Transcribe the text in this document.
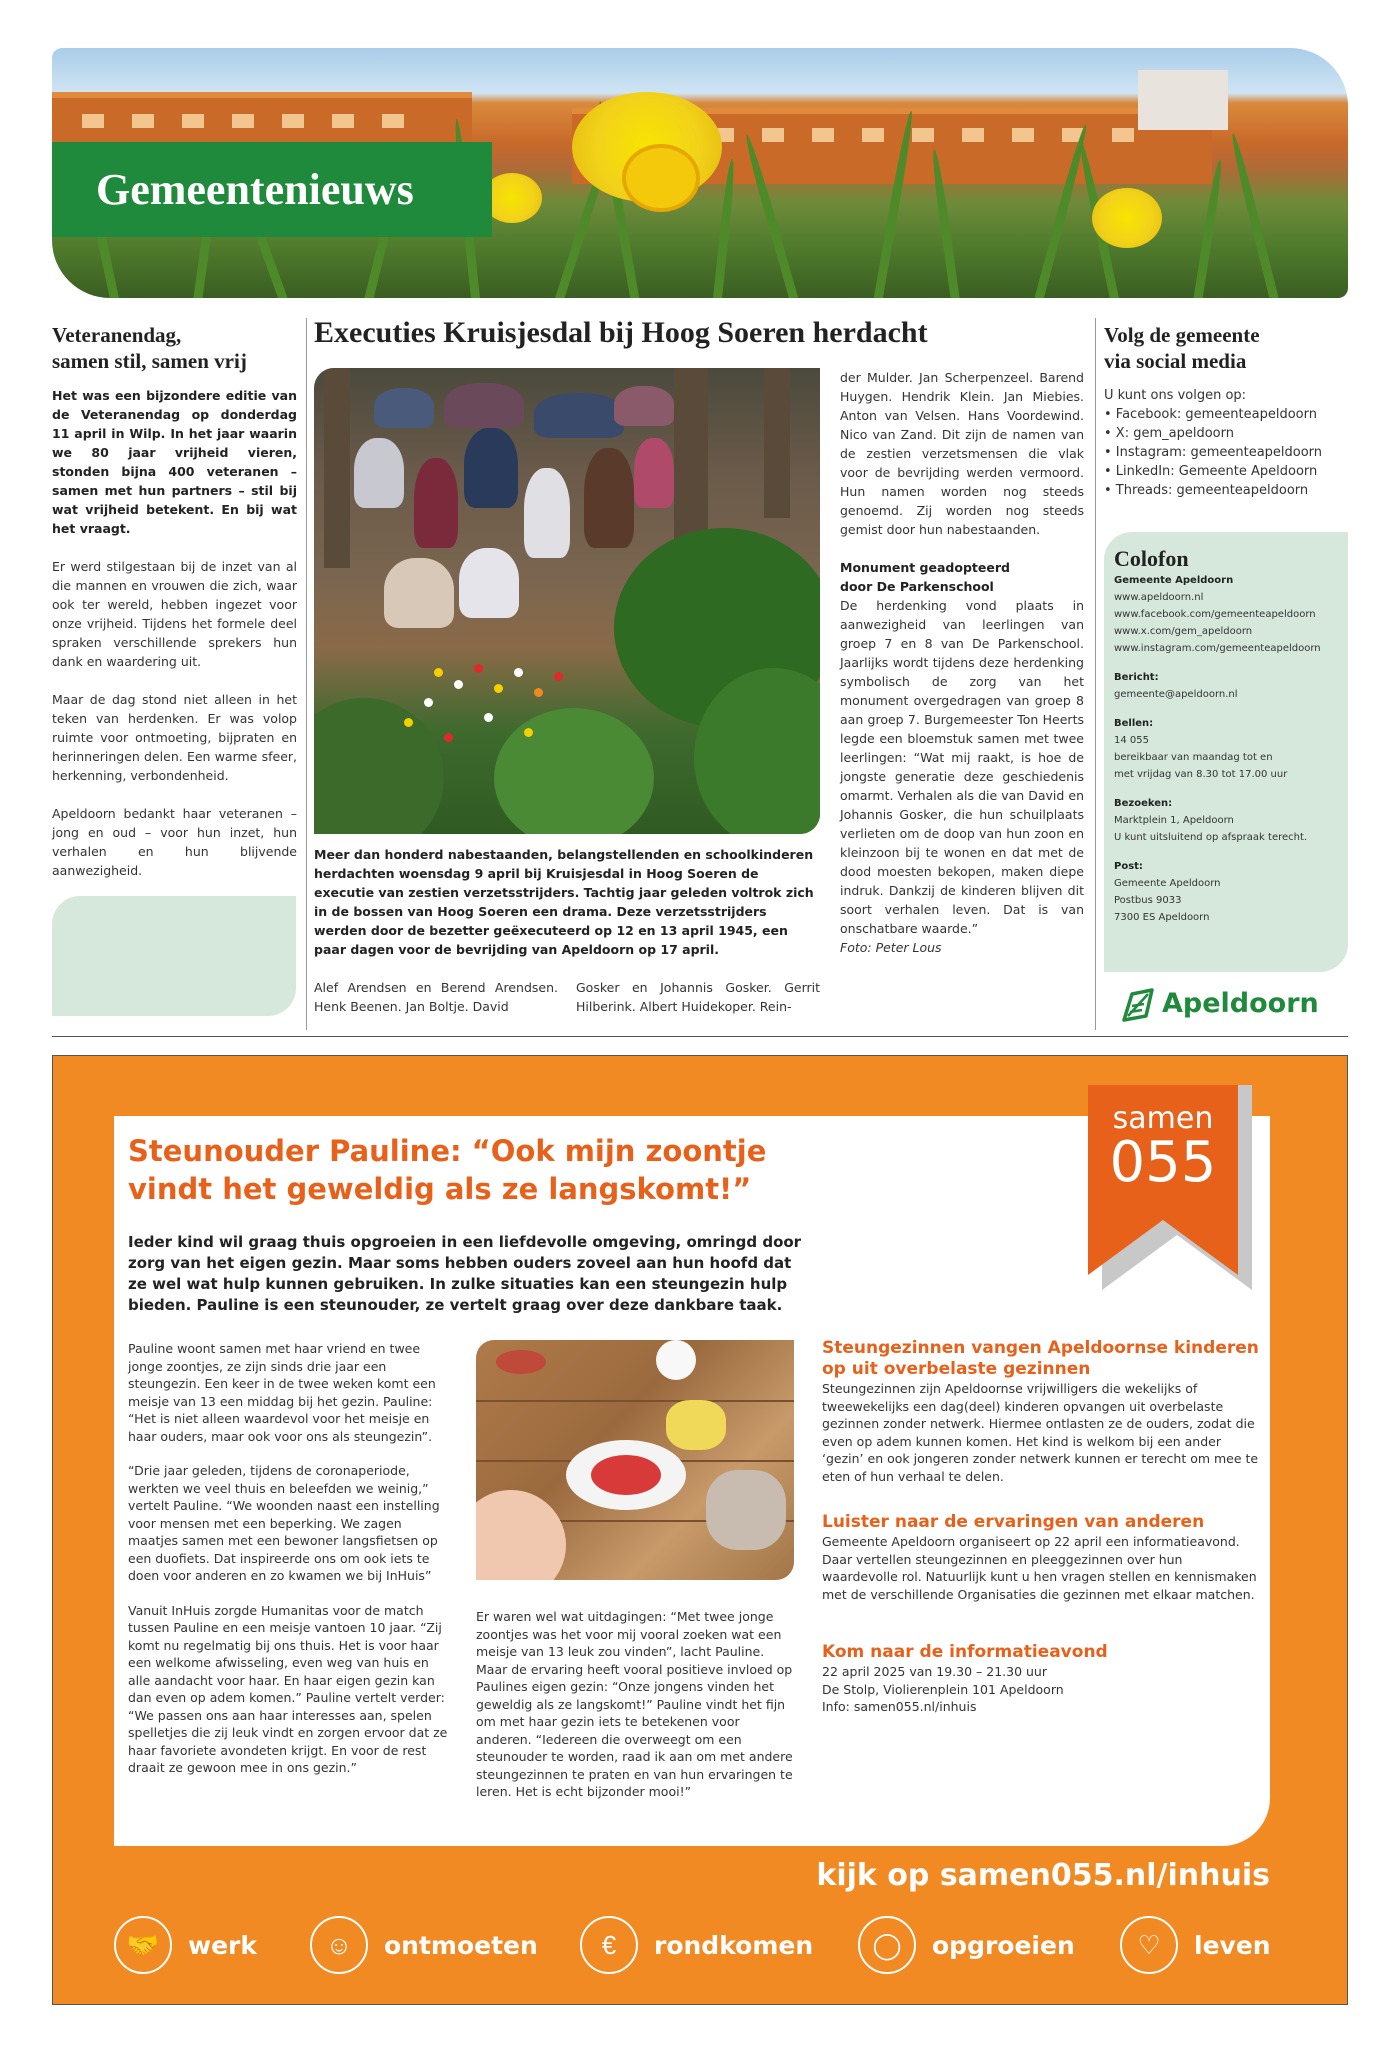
Gemeentenieuws
Veteranendag,
samen stil, samen vrij

Het was een bijzondere editie van de Veteranendag op donderdag 11 april in Wilp. In het jaar waarin we 80 jaar vrijheid vieren, stonden bijna 400 veteranen – samen met hun partners – stil bij wat vrijheid betekent. En bij wat het vraagt.

Er werd stilgestaan bij de inzet van al die mannen en vrouwen die zich, waar ook ter wereld, hebben ingezet voor onze vrijheid. Tijdens het formele deel spraken verschillende sprekers hun dank en waardering uit.

Maar de dag stond niet alleen in het teken van herdenken. Er was volop ruimte voor ontmoeting, bijpraten en herinneringen delen. Een warme sfeer, herkenning, verbondenheid.

Apeldoorn bedankt haar veteranen – jong en oud – voor hun inzet, hun verhalen en hun blijvende aanwezigheid.

Executies Kruisjesdal bij Hoog Soeren herdacht
Meer dan honderd nabestaanden, belangstellenden en schoolkinderen herdachten woensdag 9 april bij Kruisjesdal in Hoog Soeren de executie van zestien verzetsstrijders. Tachtig jaar geleden voltrok zich in de bossen van Hoog Soeren een drama. Deze verzetsstrijders werden door de bezetter geëxecuteerd op 12 en 13 april 1945, een paar dagen voor de bevrijding van Apeldoorn op 17 april.
Alef Arendsen en Berend Arendsen. Henk Beenen. Jan Boltje. David
Gosker en Johannis Gosker. Gerrit Hilberink. Albert Huidekoper. Rein-

der Mulder. Jan Scherpenzeel. Barend Huygen. Hendrik Klein. Jan Miebies. Anton van Velsen. Hans Voordewind. Nico van Zand. Dit zijn de namen van de zestien verzetsmensen die vlak voor de bevrijding werden vermoord. Hun namen worden nog steeds genoemd. Zij worden nog steeds gemist door hun nabestaanden.

Monument geadopteerd

door De Parkenschool

De herdenking vond plaats in aanwezigheid van leerlingen van groep 7 en 8 van De Parkenschool. Jaarlijks wordt tijdens deze herdenking symbolisch de zorg van het monument overgedragen van groep 8 aan groep 7. Burgemeester Ton Heerts legde een bloemstuk samen met twee leerlingen: “Wat mij raakt, is hoe de jongste generatie deze geschiedenis omarmt. Verhalen als die van David en Johannis Gosker, die hun schuilplaats verlieten om de doop van hun zoon en kleinzoon bij te wonen en dat met de dood moesten bekopen, maken diepe indruk. Dankzij de kinderen blijven dit soort verhalen leven. Dat is van onschatbare waarde.”

Foto: Peter Lous

Volg de gemeente
via social media
U kunt ons volgen op:
• Facebook: gemeenteapeldoorn
• X: gem_apeldoorn
• Instagram: gemeenteapeldoorn
• LinkedIn: Gemeente Apeldoorn
• Threads: gemeenteapeldoorn
Colofon
Gemeente Apeldoorn
www.apeldoorn.nl
www.facebook.com/gemeenteapeldoorn
www.x.com/gem_apeldoorn
www.instagram.com/gemeenteapeldoorn
Bericht:
gemeente@apeldoorn.nl
Bellen:
14 055
bereikbaar van maandag tot en
met vrijdag van 8.30 tot 17.00 uur
Bezoeken:
Marktplein 1, Apeldoorn
U kunt uitsluitend op afspraak terecht.
Post:
Gemeente Apeldoorn
Postbus 9033
7300 ES Apeldoorn
Apeldoorn
samen
055
Steunouder Pauline: “Ook mijn zoontje vindt het geweldig als ze langskomt!”
Ieder kind wil graag thuis opgroeien in een liefdevolle omgeving, omringd door zorg van het eigen gezin. Maar soms hebben ouders zoveel aan hun hoofd dat ze wel wat hulp kunnen gebruiken. In zulke situaties kan een steungezin hulp bieden. Pauline is een steunouder, ze vertelt graag over deze dankbare taak.

Pauline woont samen met haar vriend en twee jonge zoontjes, ze zijn sinds drie jaar een steungezin. Een keer in de twee weken komt een meisje van 13 een middag bij het gezin. Pauline: “Het is niet alleen waardevol voor het meisje en haar ouders, maar ook voor ons als steungezin”.

“Drie jaar geleden, tijdens de coronaperiode, werkten we veel thuis en beleefden we weinig,” vertelt Pauline. “We woonden naast een instelling voor mensen met een beperking. We zagen maatjes samen met een bewoner langsfietsen op een duofiets. Dat inspireerde ons om ook iets te doen voor anderen en zo kwamen we bij InHuis”

Vanuit InHuis zorgde Humanitas voor de match tussen Pauline en een meisje vantoen 10 jaar. “Zij komt nu regelmatig bij ons thuis. Het is voor haar een welkome afwisseling, even weg van huis en alle aandacht voor haar. En haar eigen gezin kan dan even op adem komen.” Pauline vertelt verder: “We passen ons aan haar interesses aan, spelen spelletjes die zij leuk vindt en zorgen ervoor dat ze haar favoriete avondeten krijgt. En voor de rest draait ze gewoon mee in ons gezin.”

Er waren wel wat uitdagingen: “Met twee jonge zoontjes was het voor mij vooral zoeken wat een meisje van 13 leuk zou vinden”, lacht Pauline. Maar de ervaring heeft vooral positieve invloed op Paulines eigen gezin: “Onze jongens vinden het geweldig als ze langskomt!” Pauline vindt het fijn om met haar gezin iets te betekenen voor anderen. “Iedereen die overweegt om een steunouder te worden, raad ik aan om met andere steungezinnen te praten en van hun ervaringen te leren. Het is echt bijzonder mooi!”
Steungezinnen vangen Apeldoornse kinderen op uit overbelaste gezinnen
Steungezinnen zijn Apeldoornse vrijwilligers die wekelijks of tweewekelijks een dag(deel) kinderen opvangen uit overbelaste gezinnen zonder netwerk. Hiermee ontlasten ze de ouders, zodat die even op adem kunnen komen. Het kind is welkom bij een ander ‘gezin’ en ook jongeren zonder netwerk kunnen er terecht om mee te eten of hun verhaal te delen.
Luister naar de ervaringen van anderen
Gemeente Apeldoorn organiseert op 22 april een informatieavond. Daar vertellen steungezinnen en pleeggezinnen over hun waardevolle rol. Natuurlijk kunt u hen vragen stellen en kennismaken met de verschillende Organisaties die gezinnen met elkaar matchen.
Kom naar de informatieavond
22 april 2025 van 19.30 – 21.30 uur
De Stolp, Violierenplein 101 Apeldoorn
Info: samen055.nl/inhuis
kijk op samen055.nl/inhuis
🤝	werk	☺	ontmoeten	€	rondkomen	◯	opgroeien	♡	leven
